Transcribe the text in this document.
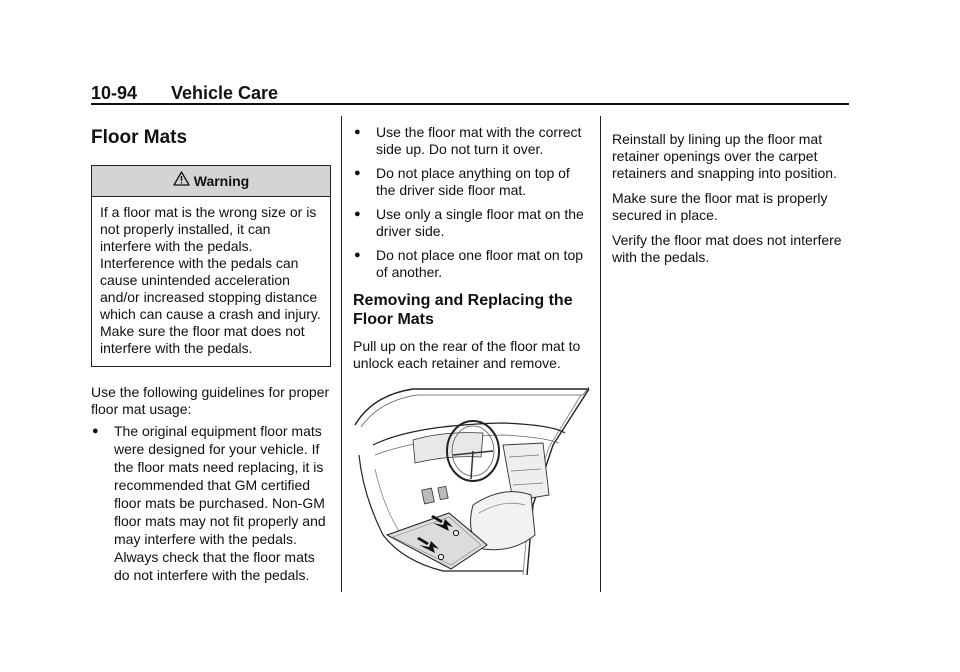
10-94 Vehicle Care
Floor Mats
Warning

If a floor mat is the wrong size or is not properly installed, it can interfere with the pedals. Interference with the pedals can cause unintended acceleration and/or increased stopping distance which can cause a crash and injury. Make sure the floor mat does not interfere with the pedals.

Use the following guidelines for proper floor mat usage:

● The original equipment floor mats were designed for your vehicle. If the floor mats need replacing, it is recommended that GM certified floor mats be purchased. Non-GM floor mats may not fit properly and may interfere with the pedals. Always check that the floor mats do not interfere with the pedals.
● Use the floor mat with the correct side up. Do not turn it over.
● Do not place anything on top of the driver side floor mat.
● Use only a single floor mat on the driver side.
● Do not place one floor mat on top of another.
Removing and Replacing the Floor Mats

Pull up on the rear of the floor mat to unlock each retainer and remove.

Reinstall by lining up the floor mat retainer openings over the carpet retainers and snapping into position.

Make sure the floor mat is properly secured in place.

Verify the floor mat does not interfere with the pedals.
